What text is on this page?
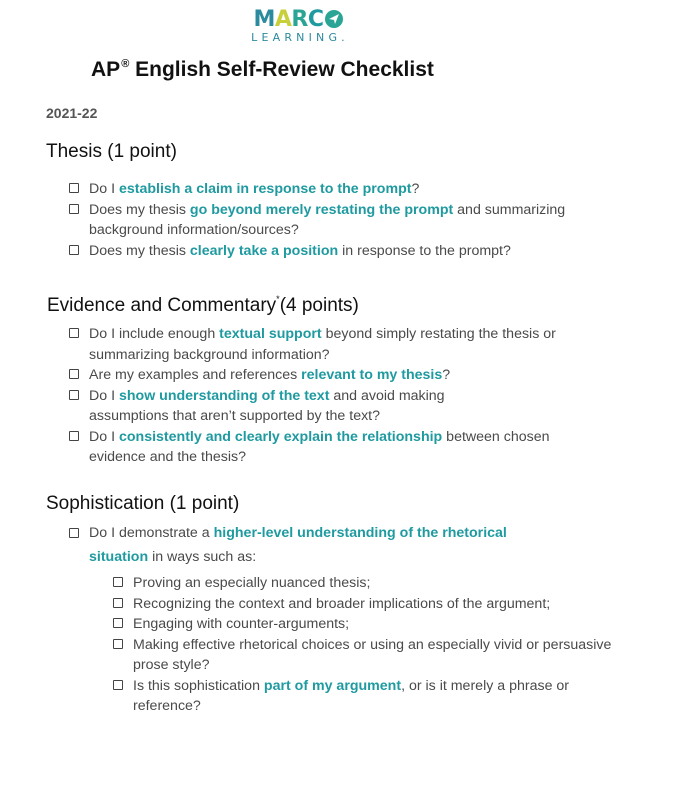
MARC
LEARNING.
AP® English Self-Review Checklist
2021-22
Thesis (1 point)
Do I establish a claim in response to the prompt?
Does my thesis go beyond merely restating the prompt and summarizing background information/sources?
Does my thesis clearly take a position in response to the prompt?
Evidence and Commentary*(4 points)
Do I include enough textual support beyond simply restating the thesis or summarizing background information?
Are my examples and references relevant to my thesis?
Do I show understanding of the text and avoid making assumptions that aren’t supported by the text?
Do I consistently and clearly explain the relationship between chosen evidence and the thesis?
Sophistication (1 point)
Do I demonstrate a higher-level understanding of the rhetorical situation in ways such as:
Proving an especially nuanced thesis;
Recognizing the context and broader implications of the argument;
Engaging with counter-arguments;
Making effective rhetorical choices or using an especially vivid or persuasive prose style?
Is this sophistication part of my argument, or is it merely a phrase or reference?
